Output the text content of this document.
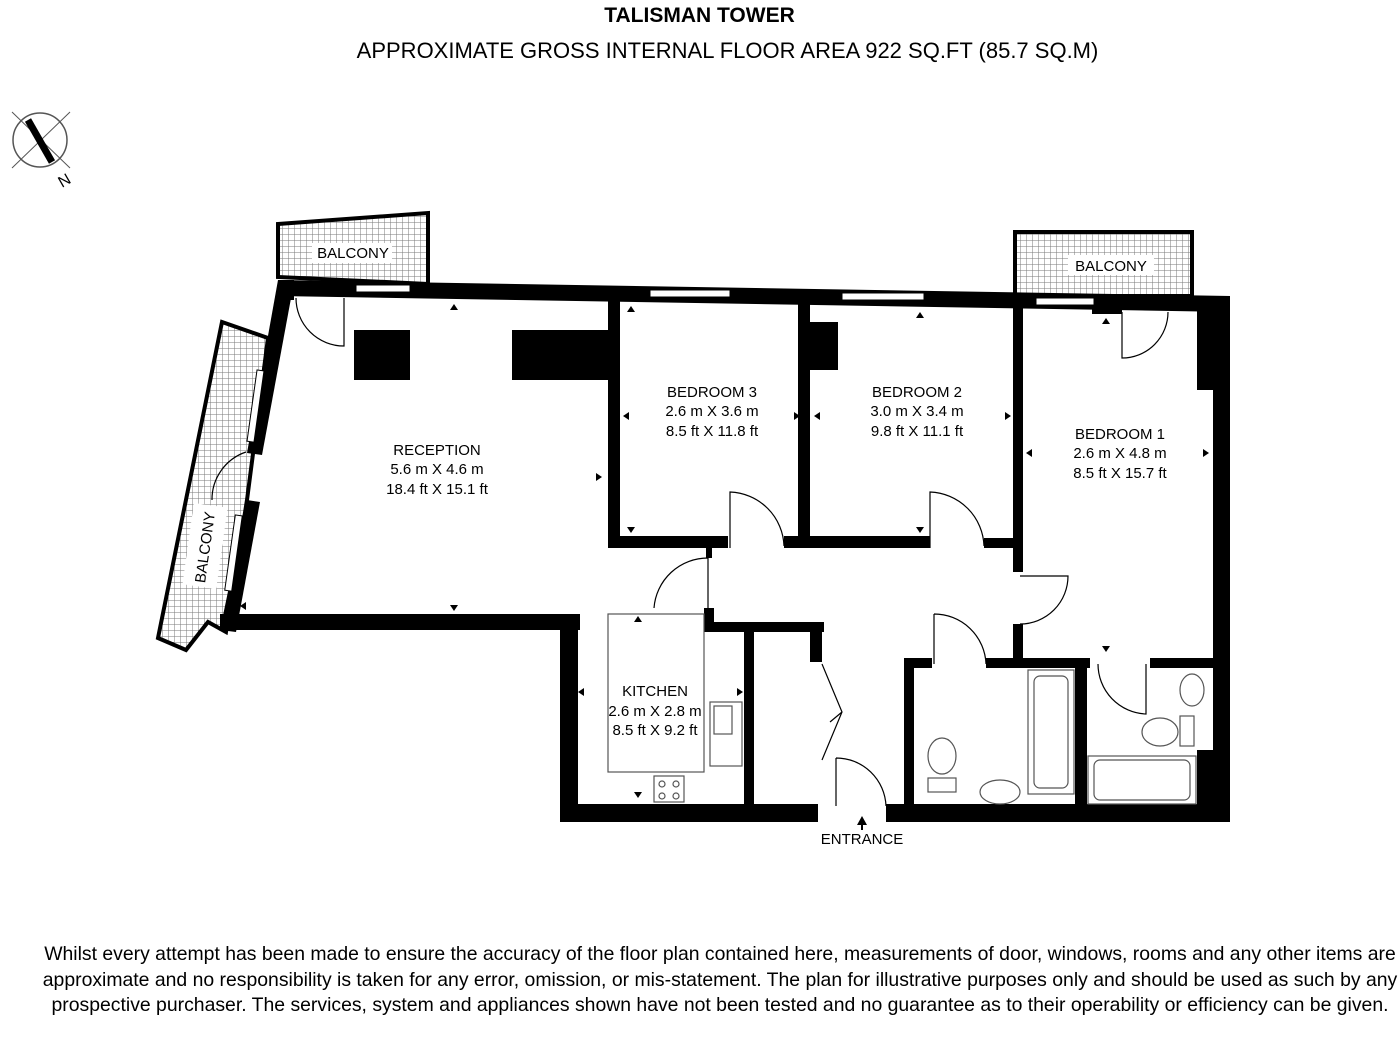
TALISMAN TOWER
APPROXIMATE GROSS INTERNAL FLOOR AREA 922 SQ.FT (85.7 SQ.M)
N
BALCONY
BALCONY
BALCONY
RECEPTION
5.6 m X 4.6 m
18.4 ft X 15.1 ft
BEDROOM 3
2.6 m X 3.6 m
8.5 ft X 11.8 ft
BEDROOM 2
3.0 m X 3.4 m
9.8 ft X 11.1 ft	BEDROOM 1
2.6 m X 4.8 m
8.5 ft X 15.7 ft
KITCHEN
2.6 m X 2.8 m
8.5 ft X 9.2 ft
ENTRANCE
Whilst every attempt has been made to ensure the accuracy of the floor plan contained here, measurements of door, windows, rooms and any other items are approximate and no responsibility is taken for any error, omission, or mis-statement. The plan for illustrative purposes only and should be used as such by any prospective purchaser. The services, system and appliances shown have not been tested and no guarantee as to their operability or efficiency can be given.
